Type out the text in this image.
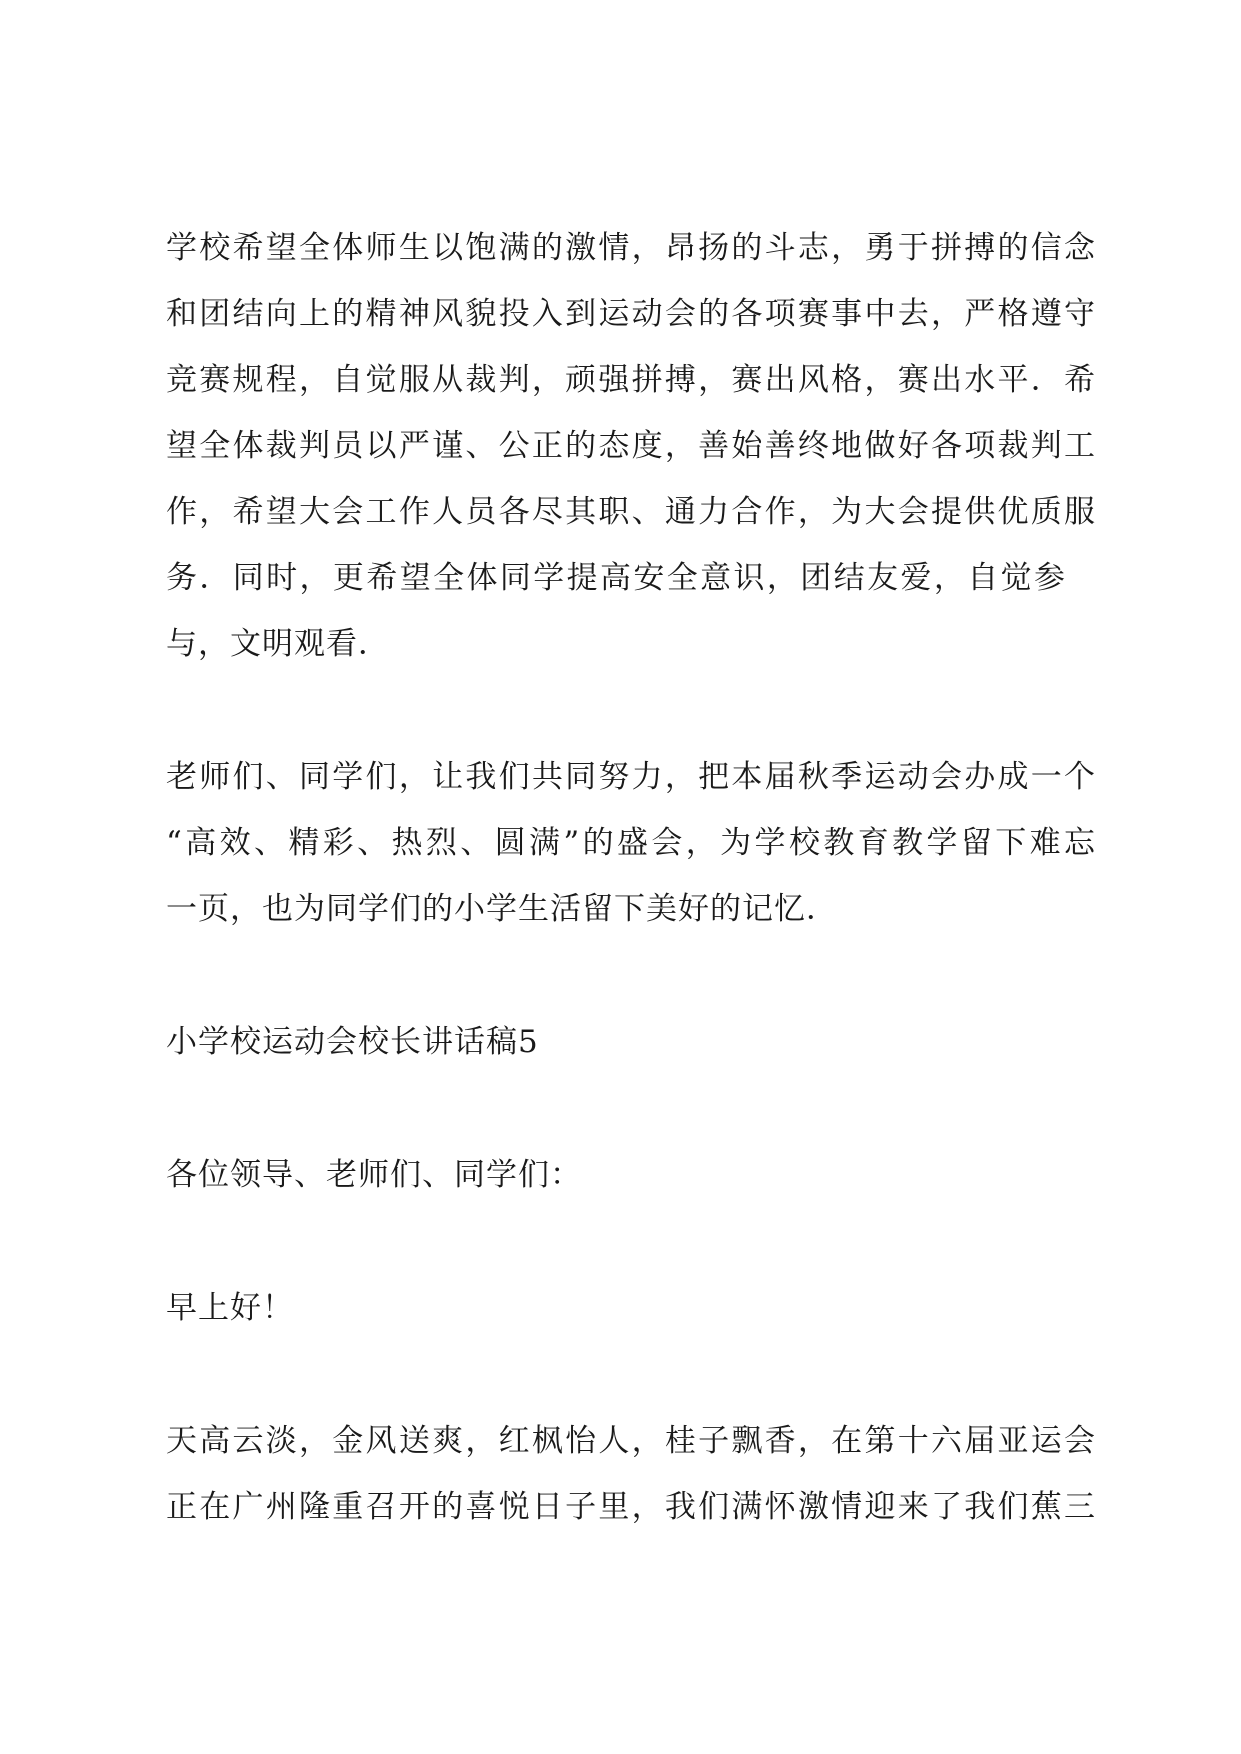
学校希望全体师生以饱满的激情，昂扬的斗志，勇于拼搏的信念
和团结向上的精神风貌投入到运动会的各项赛事中去，严格遵守
竞赛规程，自觉服从裁判，顽强拼搏，赛出风格，赛出水平．希
望全体裁判员以严谨、公正的态度，善始善终地做好各项裁判工
作，希望大会工作人员各尽其职、通力合作，为大会提供优质服
务．同时，更希望全体同学提高安全意识，团结友爱，自觉参
与，文明观看．
老师们、同学们，让我们共同努力，把本届秋季运动会办成一个
“高效、精彩、热烈、圆满”的盛会，为学校教育教学留下难忘
一页，也为同学们的小学生活留下美好的记忆．
小学校运动会校长讲话稿5
各位领导、老师们、同学们：
早上好！
天高云淡，金风送爽，红枫怡人，桂子飘香，在第十六届亚运会
正在广州隆重召开的喜悦日子里，我们满怀激情迎来了我们蕉三
